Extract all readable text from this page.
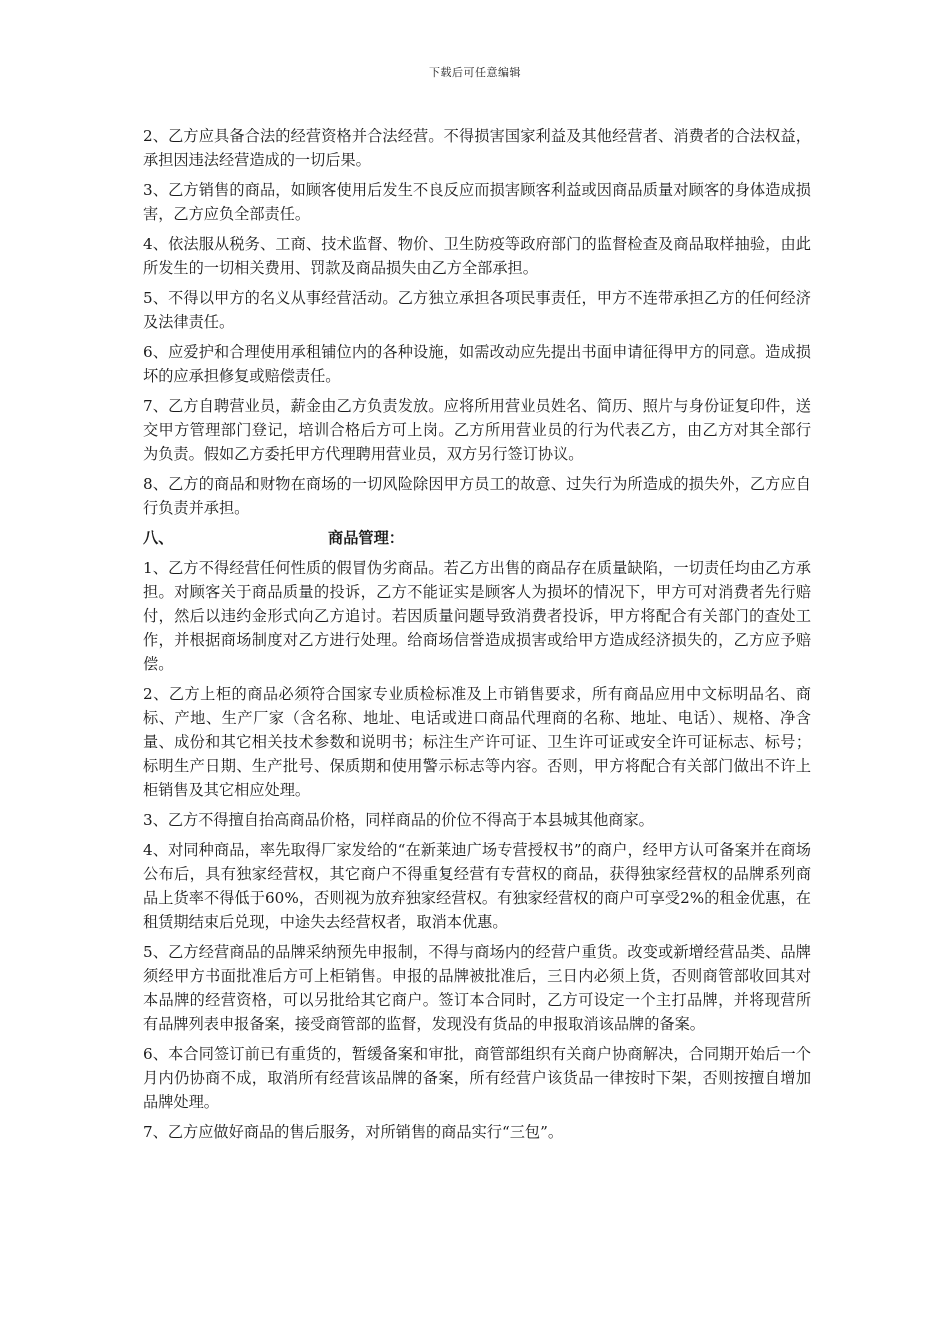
下载后可任意编辑

2、乙方应具备合法的经营资格并合法经营。不得损害国家利益及其他经营者、消费者的合法权益，承担因违法经营造成的一切后果。

3、乙方销售的商品，如顾客使用后发生不良反应而损害顾客利益或因商品质量对顾客的身体造成损害，乙方应负全部责任。

4、依法服从税务、工商、技术监督、物价、卫生防疫等政府部门的监督检查及商品取样抽验，由此所发生的一切相关费用、罚款及商品损失由乙方全部承担。

5、不得以甲方的名义从事经营活动。乙方独立承担各项民事责任，甲方不连带承担乙方的任何经济及法律责任。

6、应爱护和合理使用承租铺位内的各种设施，如需改动应先提出书面申请征得甲方的同意。造成损坏的应承担修复或赔偿责任。

7、乙方自聘营业员，薪金由乙方负责发放。应将所用营业员姓名、简历、照片与身份证复印件，送交甲方管理部门登记，培训合格后方可上岗。乙方所用营业员的行为代表乙方，由乙方对其全部行为负责。假如乙方委托甲方代理聘用营业员，双方另行签订协议。

8、乙方的商品和财物在商场的一切风险除因甲方员工的故意、过失行为所造成的损失外，乙方应自行负责并承担。

八、	商品管理：

1、乙方不得经营任何性质的假冒伪劣商品。若乙方出售的商品存在质量缺陷，一切责任均由乙方承担。对顾客关于商品质量的投诉，乙方不能证实是顾客人为损坏的情况下，甲方可对消费者先行赔付，然后以违约金形式向乙方追讨。若因质量问题导致消费者投诉，甲方将配合有关部门的查处工作，并根据商场制度对乙方进行处理。给商场信誉造成损害或给甲方造成经济损失的，乙方应予赔偿。

2、乙方上柜的商品必须符合国家专业质检标准及上市销售要求，所有商品应用中文标明品名、商标、产地、生产厂家（含名称、地址、电话或进口商品代理商的名称、地址、电话）、规格、净含量、成份和其它相关技术参数和说明书；标注生产许可证、卫生许可证或安全许可证标志、标号；标明生产日期、生产批号、保质期和使用警示标志等内容。否则，甲方将配合有关部门做出不许上柜销售及其它相应处理。

3、乙方不得擅自抬高商品价格，同样商品的价位不得高于本县城其他商家。

4、对同种商品，率先取得厂家发给的“在新莱迪广场专营授权书”的商户，经甲方认可备案并在商场公布后，具有独家经营权，其它商户不得重复经营有专营权的商品，获得独家经营权的品牌系列商品上货率不得低于60%，否则视为放弃独家经营权。有独家经营权的商户可享受2%的租金优惠，在租赁期结束后兑现，中途失去经营权者，取消本优惠。

5、乙方经营商品的品牌采纳预先申报制，不得与商场内的经营户重货。改变或新增经营品类、品牌须经甲方书面批准后方可上柜销售。申报的品牌被批准后，三日内必须上货，否则商管部收回其对本品牌的经营资格，可以另批给其它商户。签订本合同时，乙方可设定一个主打品牌，并将现营所有品牌列表申报备案，接受商管部的监督，发现没有货品的申报取消该品牌的备案。

6、本合同签订前已有重货的，暂缓备案和审批，商管部组织有关商户协商解决，合同期开始后一个月内仍协商不成，取消所有经营该品牌的备案，所有经营户该货品一律按时下架，否则按擅自增加品牌处理。

7、乙方应做好商品的售后服务，对所销售的商品实行“三包”。
